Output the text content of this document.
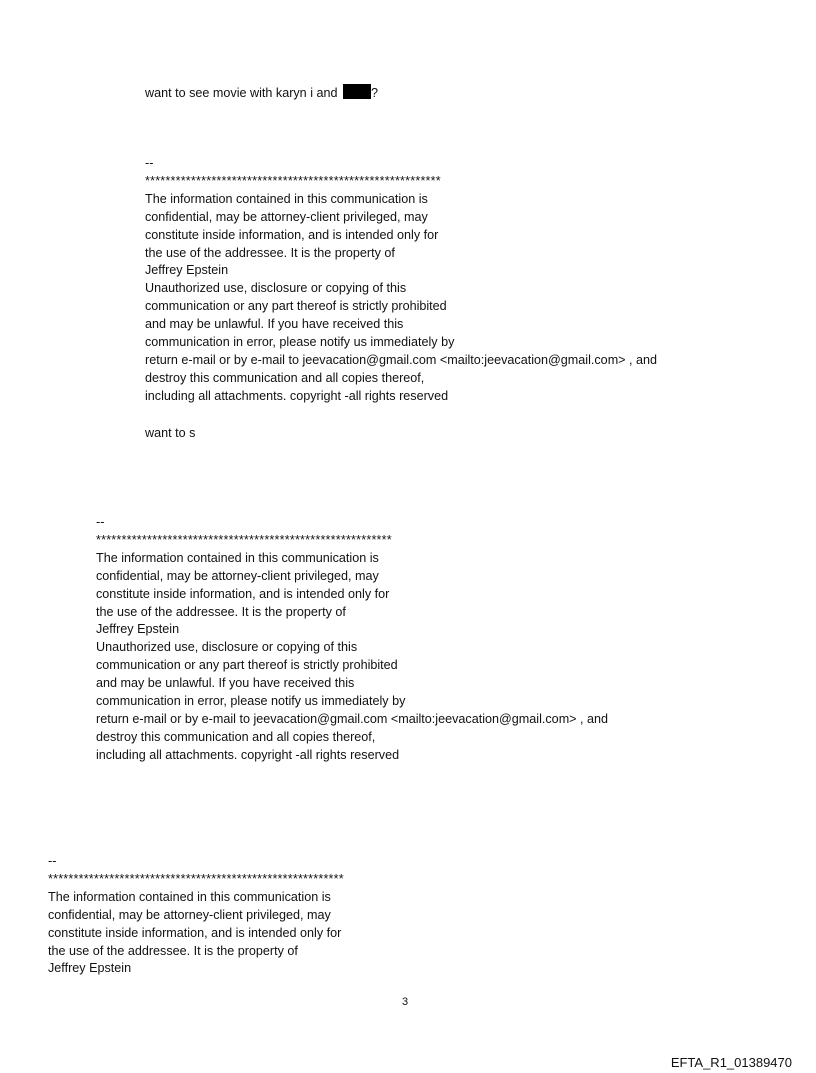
want to see movie with karyn i and ?
--
**********************************************************
The information contained in this communication is
confidential, may be attorney-client privileged, may
constitute inside information, and is intended only for
the use of the addressee. It is the property of
Jeffrey Epstein
Unauthorized use, disclosure or copying of this
communication or any part thereof is strictly prohibited
and may be unlawful. If you have received this
communication in error, please notify us immediately by
return e-mail or by e-mail to jeevacation@gmail.com <mailto:jeevacation@gmail.com> , and
destroy this communication and all copies thereof,
including all attachments. copyright -all rights reserved
want to s
--
**********************************************************
The information contained in this communication is
confidential, may be attorney-client privileged, may
constitute inside information, and is intended only for
the use of the addressee. It is the property of
Jeffrey Epstein
Unauthorized use, disclosure or copying of this
communication or any part thereof is strictly prohibited
and may be unlawful. If you have received this
communication in error, please notify us immediately by
return e-mail or by e-mail to jeevacation@gmail.com <mailto:jeevacation@gmail.com> , and
destroy this communication and all copies thereof,
including all attachments. copyright -all rights reserved
--
**********************************************************
The information contained in this communication is
confidential, may be attorney-client privileged, may
constitute inside information, and is intended only for
the use of the addressee. It is the property of
Jeffrey Epstein
3
EFTA_R1_01389470
